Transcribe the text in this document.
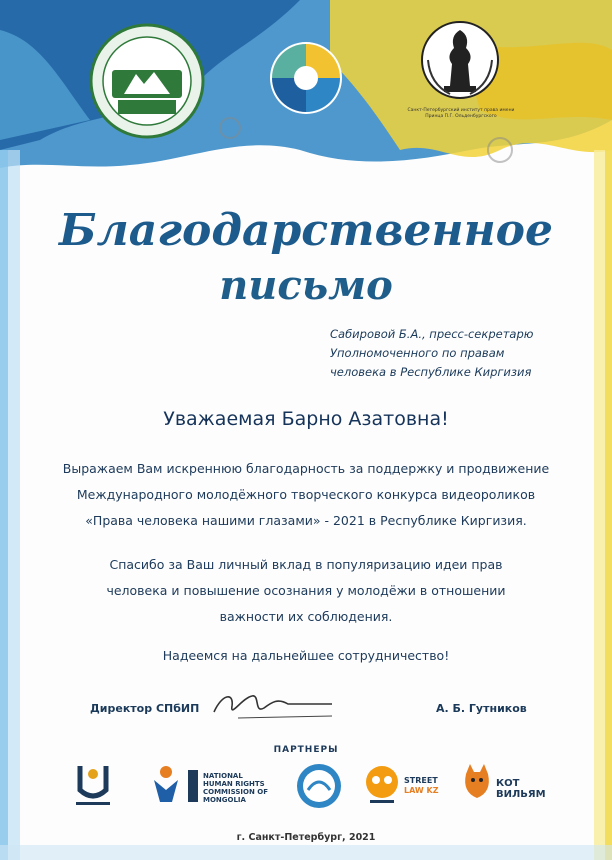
Санкт-Петербургский институт права имени Принца П.Г. Ольденбургского
Благодарственное
письмо
Сабировой Б.А., пресс-секретарю
Уполномоченного по правам
человека в Республике Киргизия
Уважаемая Барно Азатовна!
Выражаем Вам искреннюю благодарность за поддержку и продвижение
Международного молодёжного творческого конкурса видеороликов
«Права человека нашими глазами» - 2021 в Республике Киргизия.
Спасибо за Ваш личный вклад в популяризацию идеи прав
человека и повышение осознания у молодёжи в отношении
важности их соблюдения.
Надеемся на дальнейшее сотрудничество!
Директор СПбИП	А. Б. Гутников
ПАРТНЕРЫ
NATIONAL
HUMAN RIGHTS
COMMISSION OF
MONGOLIA
STREET
LAW KZ
КОТ
ВИЛЬЯМ
г. Санкт-Петербург, 2021
